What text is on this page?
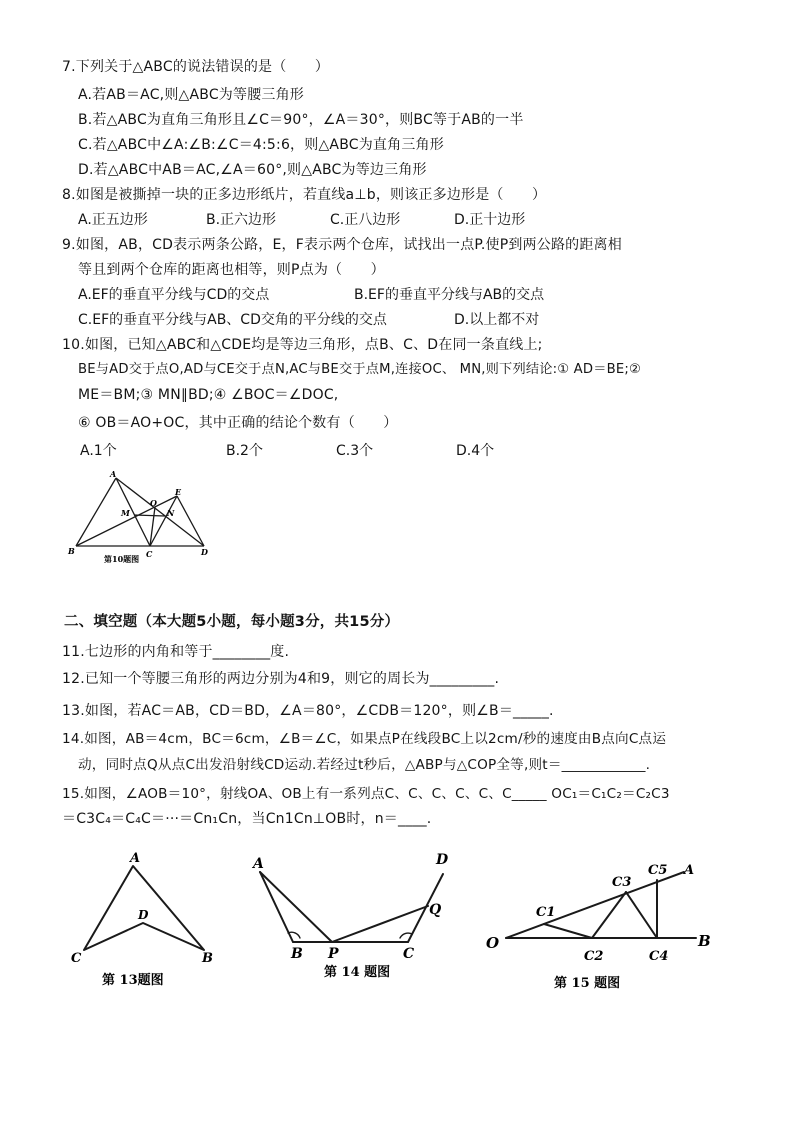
7.下列关于△ABC的说法错误的是（　　）
A.若AB＝AC,则△ABC为等腰三角形
B.若△ABC为直角三角形且∠C＝90°，∠A＝30°，则BC等于AB的一半
C.若△ABC中∠A:∠B:∠C＝4:5:6，则△ABC为直角三角形
D.若△ABC中AB＝AC,∠A＝60°,则△ABC为等边三角形
8.如图是被撕掉一块的正多边形纸片，若直线a⊥b，则该正多边形是（　　）
A.正五边形	B.正六边形	C.正八边形	D.正十边形
9.如图，AB，CD表示两条公路，E，F表示两个仓库，试找出一点P.使P到两公路的距离相
等且到两个仓库的距离也相等，则P点为（　　）
A.EF的垂直平分线与CD的交点	B.EF的垂直平分线与AB的交点
C.EF的垂直平分线与AB、CD交角的平分线的交点	D.以上都不对
10.如图，已知△ABC和△CDE均是等边三角形，点B、C、D在同一条直线上;
BE与AD交于点O,AD与CE交于点N,AC与BE交于点M,连接OC、 MN,则下列结论:① AD＝BE;②
ME＝BM;③ MN∥BD;④ ∠BOC＝∠DOC,
⑥ OB＝AO+OC，其中正确的结论个数有（　　）
A.1个	B.2个	C.3个	D.4个
A
B	C	D
E
O
M	N
第10题图
二、填空题（本大题5小题，每小题3分，共15分）
11.七边形的内角和等于________度.
12.已知一个等腰三角形的两边分别为4和9，则它的周长为_________.
13.如图，若AC＝AB，CD＝BD，∠A＝80°，∠CDB＝120°，则∠B＝_____.
14.如图，AB＝4cm，BC＝6cm，∠B＝∠C，如果点P在线段BC上以2cm/秒的速度由B点向C点运
动，同时点Q从点C出发沿射线CD运动.若经过t秒后，△ABP与△COP全等,则t＝____________.
15.如图，∠AOB＝10°，射线OA、OB上有一系列点C、C、C、C、C、C_____ OC₁＝C₁C₂＝C₂C3
＝C3C₄＝C₄C＝···＝Cn₁Cn，当Cn1Cn⊥OB时，n＝____.
A
C	B
D
第 13题图
A
B P	C
D
Q
第 14 题图
O
A
B
C1
C2
C3
C4
C5
第 15 题图
